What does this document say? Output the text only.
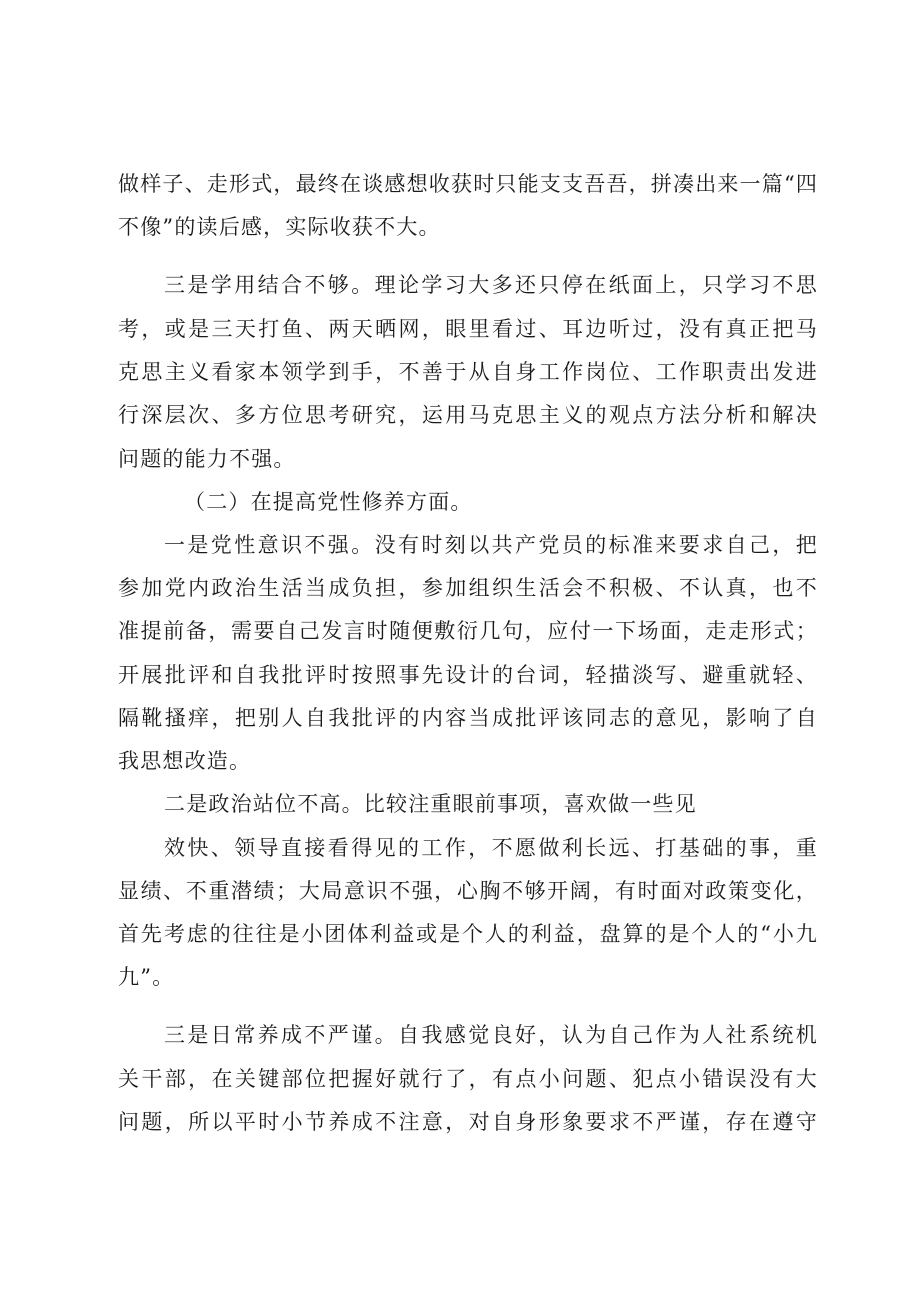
做样子、走形式，最终在谈感想收获时只能支支吾吾，拼凑出来一篇“四
不像”的读后感，实际收获不大。
三是学用结合不够。理论学习大多还只停在纸面上，只学习不思
考，或是三天打鱼、两天晒网，眼里看过、耳边听过，没有真正把马
克思主义看家本领学到手，不善于从自身工作岗位、工作职责出发进
行深层次、多方位思考研究，运用马克思主义的观点方法分析和解决
问题的能力不强。
（二）在提高党性修养方面。
一是党性意识不强。没有时刻以共产党员的标准来要求自己，把
参加党内政治生活当成负担，参加组织生活会不积极、不认真，也不
准提前备，需要自己发言时随便敷衍几句，应付一下场面，走走形式；
开展批评和自我批评时按照事先设计的台词，轻描淡写、避重就轻、
隔靴搔痒，把别人自我批评的内容当成批评该同志的意见，影响了自
我思想改造。
二是政治站位不高。比较注重眼前事项，喜欢做一些见
效快、领导直接看得见的工作，不愿做利长远、打基础的事，重
显绩、不重潜绩；大局意识不强，心胸不够开阔，有时面对政策变化，
首先考虑的往往是小团体利益或是个人的利益，盘算的是个人的“小九
九”。
三是日常养成不严谨。自我感觉良好，认为自己作为人社系统机
关干部，在关键部位把握好就行了，有点小问题、犯点小错误没有大
问题，所以平时小节养成不注意，对自身形象要求不严谨，存在遵守
